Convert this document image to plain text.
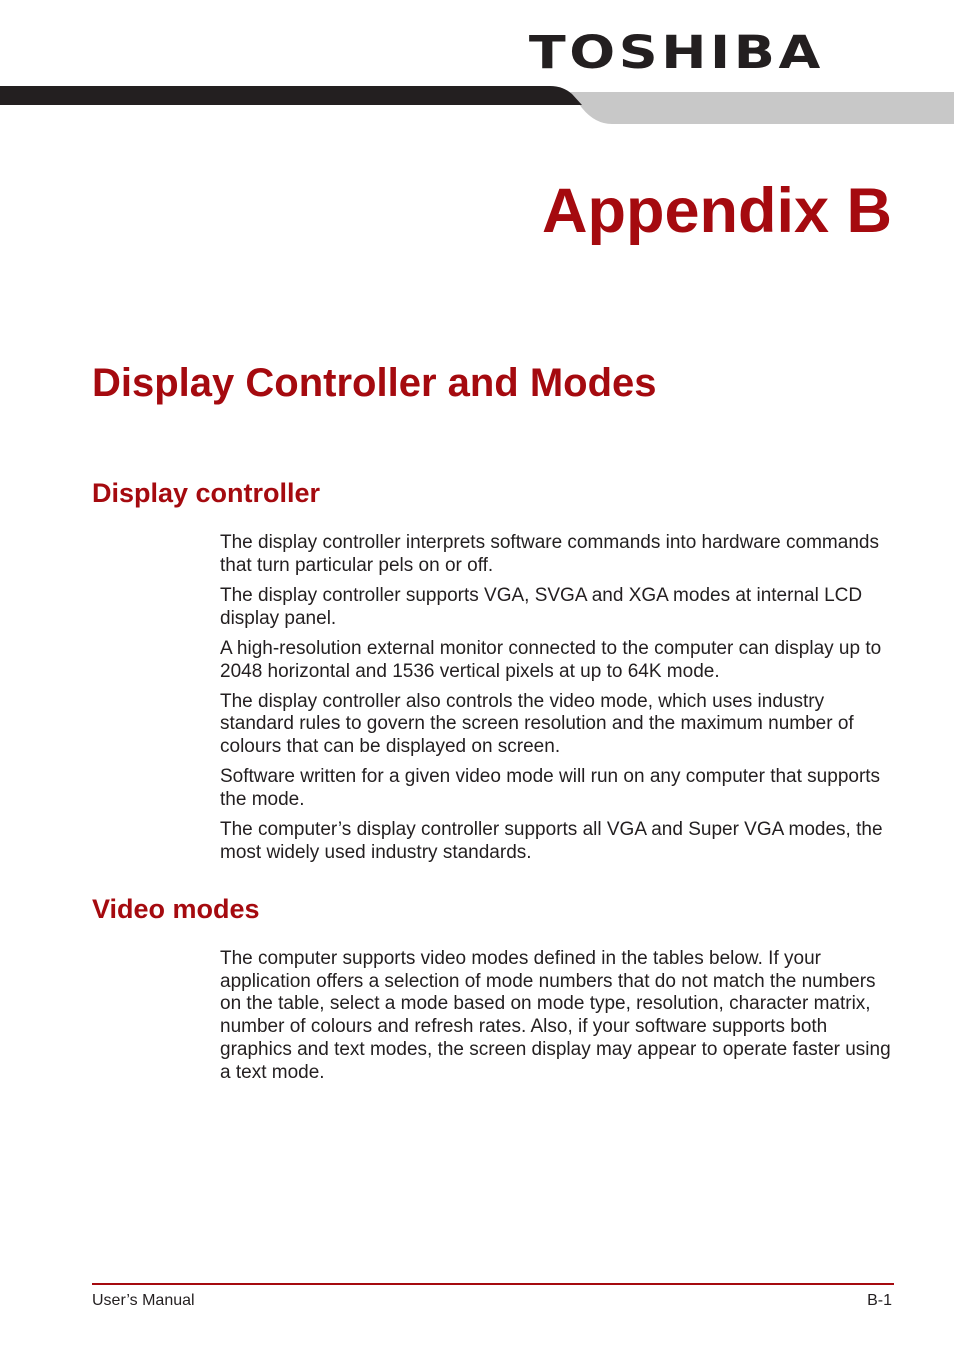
TOSHIBA
Appendix B
Display Controller and Modes
Display controller

The display controller interprets software commands into hardware commands that turn particular pels on or off.

The display controller supports VGA, SVGA and XGA modes at internal LCD display panel.

A high-resolution external monitor connected to the computer can display up to 2048 horizontal and 1536 vertical pixels at up to 64K mode.

The display controller also controls the video mode, which uses industry standard rules to govern the screen resolution and the maximum number of colours that can be displayed on screen.

Software written for a given video mode will run on any computer that supports the mode.

The computer’s display controller supports all VGA and Super VGA modes, the most widely used industry standards.

Video modes

The computer supports video modes defined in the tables below. If your application offers a selection of mode numbers that do not match the numbers on the table, select a mode based on mode type, resolution, character matrix, number of colours and refresh rates. Also, if your software supports both graphics and text modes, the screen display may appear to operate faster using a text mode.

User’s Manual	B-1
